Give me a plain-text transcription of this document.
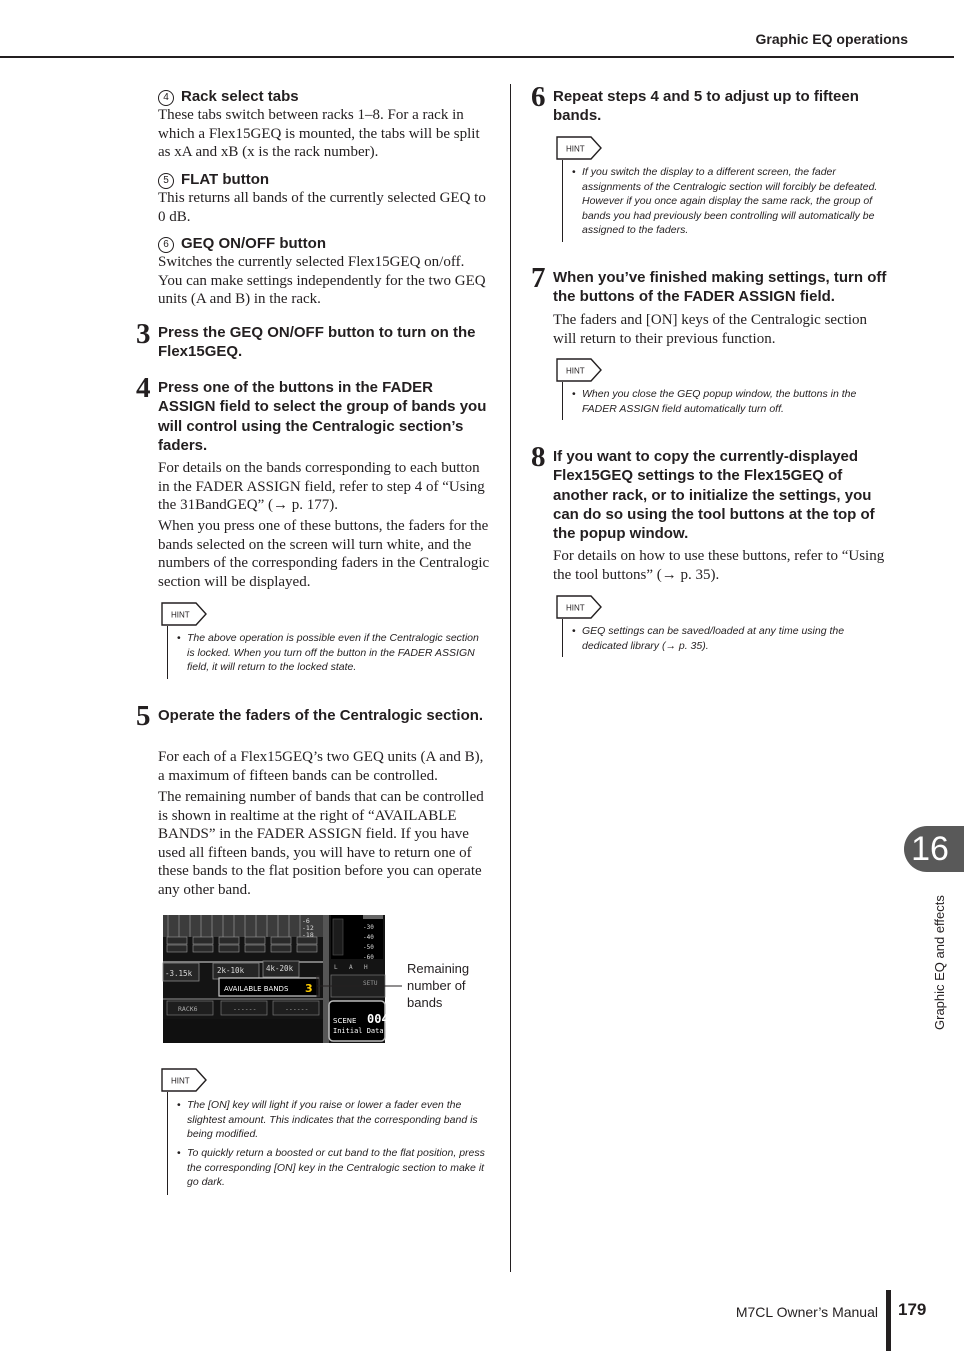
Graphic EQ operations
4 Rack select tabs
These tabs switch between racks 1–8. For a rack in which a Flex15GEQ is mounted, the tabs will be split as xA and xB (x is the rack number).
5 FLAT button
This returns all bands of the currently selected GEQ to 0 dB.
6 GEQ ON/OFF button
Switches the currently selected Flex15GEQ on/off. You can make settings independently for the two GEQ units (A and B) in the rack.
3 Press the GEQ ON/OFF button to turn on the Flex15GEQ.
4 Press one of the buttons in the FADER ASSIGN field to select the group of bands you will control using the Centralogic section’s faders.
For details on the bands corresponding to each button in the FADER ASSIGN field, refer to step 4 of “Using the 31BandGEQ” (→ p. 177).
When you press one of these buttons, the faders for the bands selected on the screen will turn white, and the numbers of the corresponding faders in the Centralogic section will be displayed.
HINT
• The above operation is possible even if the Centralogic section is locked. When you turn off the button in the FADER ASSIGN field, it will return to the locked state.
5 Operate the faders of the Centralogic section.
For each of a Flex15GEQ’s two GEQ units (A and B), a maximum of fifteen bands can be controlled.
The remaining number of bands that can be controlled is shown in realtime at the right of “AVAILABLE BANDS” in the FADER ASSIGN field. If you have used all fifteen bands, you will have to return one of these bands to the flat position before you can operate any other band.
-6
-12
-18
-30
-40
-50
-60
L A H
-3.15k	2k-10k	4k-20k
AVAILABLE BANDS 3
RACK6	------	------
SETU
SCENE 004
Initial Data
Remaining number of bands
HINT
• The [ON] key will light if you raise or lower a fader even the slightest amount. This indicates that the corresponding band is being modified.
• To quickly return a boosted or cut band to the flat position, press the corresponding [ON] key in the Centralogic section to make it go dark.
6 Repeat steps 4 and 5 to adjust up to fifteen bands.
HINT
• If you switch the display to a different screen, the fader assignments of the Centralogic section will forcibly be defeated. However if you once again display the same rack, the group of bands you had previously been controlling will automatically be assigned to the faders.
7 When you’ve finished making settings, turn off the buttons of the FADER ASSIGN field.
The faders and [ON] keys of the Centralogic section will return to their previous function.
HINT
• When you close the GEQ popup window, the buttons in the FADER ASSIGN field automatically turn off.
8 If you want to copy the currently-displayed Flex15GEQ settings to the Flex15GEQ of another rack, or to initialize the settings, you can do so using the tool buttons at the top of the popup window.
For details on how to use these buttons, refer to “Using the tool buttons” (→ p. 35).
HINT
• GEQ settings can be saved/loaded at any time using the dedicated library (→ p. 35).
16
Graphic EQ and effects
M7CL Owner’s Manual 179
